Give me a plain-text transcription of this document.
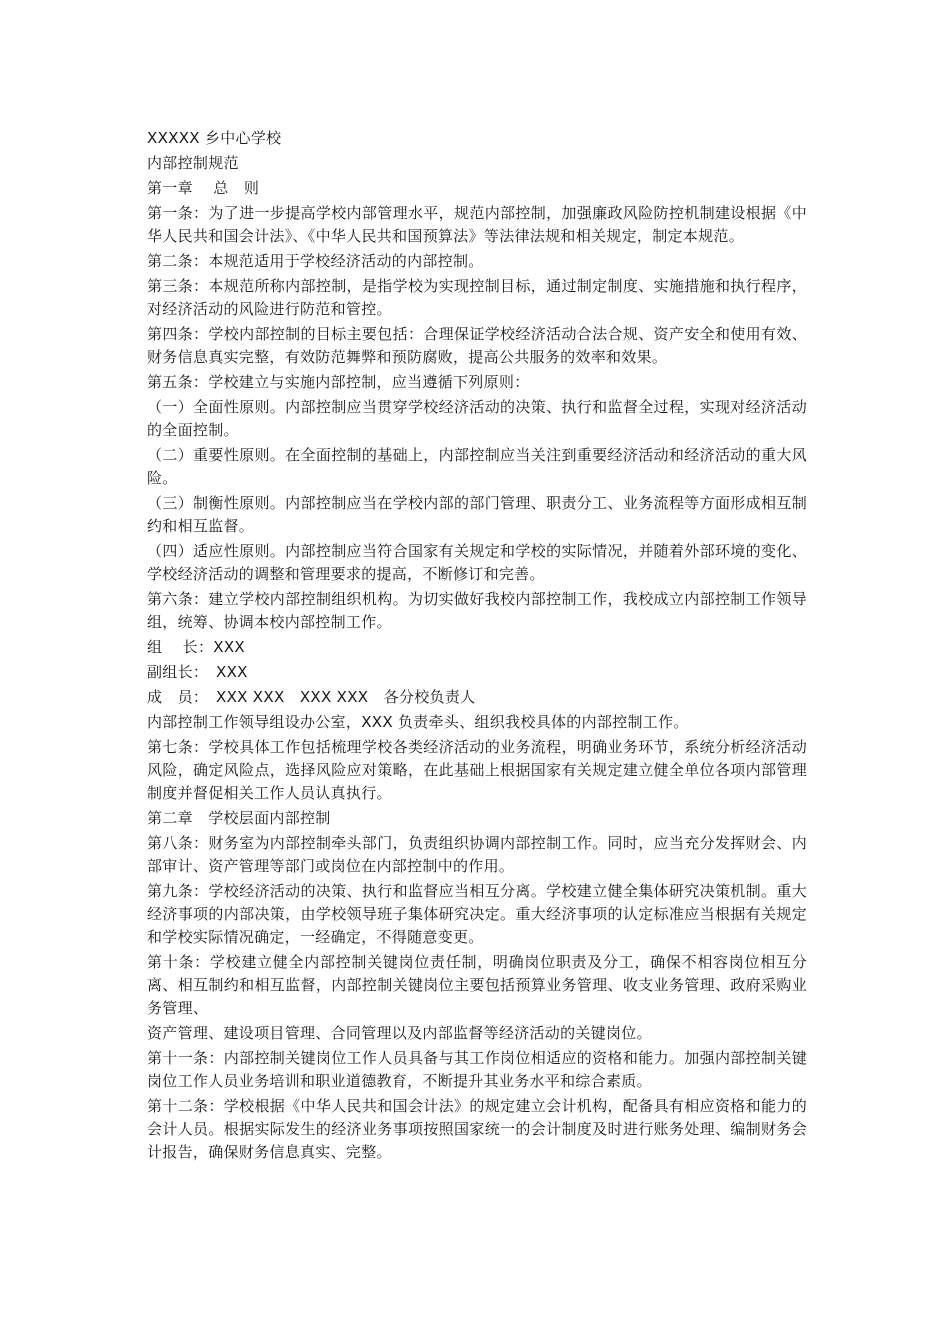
XXXXX 乡中心学校

内部控制规范

第一章　 总　则

第一条：为了进一步提高学校内部管理水平，规范内部控制，加强廉政风险防控机制建设根据《中华人民共和国会计法》、《中华人民共和国预算法》等法律法规和相关规定，制定本规范。

第二条：本规范适用于学校经济活动的内部控制。

第三条：本规范所称内部控制，是指学校为实现控制目标，通过制定制度、实施措施和执行程序，对经济活动的风险进行防范和管控。

第四条：学校内部控制的目标主要包括：合理保证学校经济活动合法合规、资产安全和使用有效、财务信息真实完整，有效防范舞弊和预防腐败，提高公共服务的效率和效果。

第五条：学校建立与实施内部控制，应当遵循下列原则：

（一）全面性原则。内部控制应当贯穿学校经济活动的决策、执行和监督全过程，实现对经济活动的全面控制。

（二）重要性原则。在全面控制的基础上，内部控制应当关注到重要经济活动和经济活动的重大风险。

（三）制衡性原则。内部控制应当在学校内部的部门管理、职责分工、业务流程等方面形成相互制约和相互监督。

（四）适应性原则。内部控制应当符合国家有关规定和学校的实际情况，并随着外部环境的变化、学校经济活动的调整和管理要求的提高，不断修订和完善。

第六条：建立学校内部控制组织机构。为切实做好我校内部控制工作，我校成立内部控制工作领导组，统筹、协调本校内部控制工作。

组　 长：XXX

副组长：　XXX

成　员：　XXX XXX　XXX XXX　各分校负责人

内部控制工作领导组设办公室，XXX 负责牵头、组织我校具体的内部控制工作。

第七条：学校具体工作包括梳理学校各类经济活动的业务流程，明确业务环节，系统分析经济活动风险，确定风险点，选择风险应对策略，在此基础上根据国家有关规定建立健全单位各项内部管理制度并督促相关工作人员认真执行。

第二章　学校层面内部控制

第八条：财务室为内部控制牵头部门，负责组织协调内部控制工作。同时，应当充分发挥财会、内部审计、资产管理等部门或岗位在内部控制中的作用。

第九条：学校经济活动的决策、执行和监督应当相互分离。学校建立健全集体研究决策机制。重大经济事项的内部决策，由学校领导班子集体研究决定。重大经济事项的认定标准应当根据有关规定和学校实际情况确定，一经确定，不得随意变更。

第十条：学校建立健全内部控制关键岗位责任制，明确岗位职责及分工，确保不相容岗位相互分离、相互制约和相互监督，内部控制关键岗位主要包括预算业务管理、收支业务管理、政府采购业务管理、

资产管理、建设项目管理、合同管理以及内部监督等经济活动的关键岗位。

第十一条：内部控制关键岗位工作人员具备与其工作岗位相适应的资格和能力。加强内部控制关键岗位工作人员业务培训和职业道德教育，不断提升其业务水平和综合素质。

第十二条：学校根据《中华人民共和国会计法》的规定建立会计机构，配备具有相应资格和能力的会计人员。根据实际发生的经济业务事项按照国家统一的会计制度及时进行账务处理、编制财务会计报告，确保财务信息真实、完整。
